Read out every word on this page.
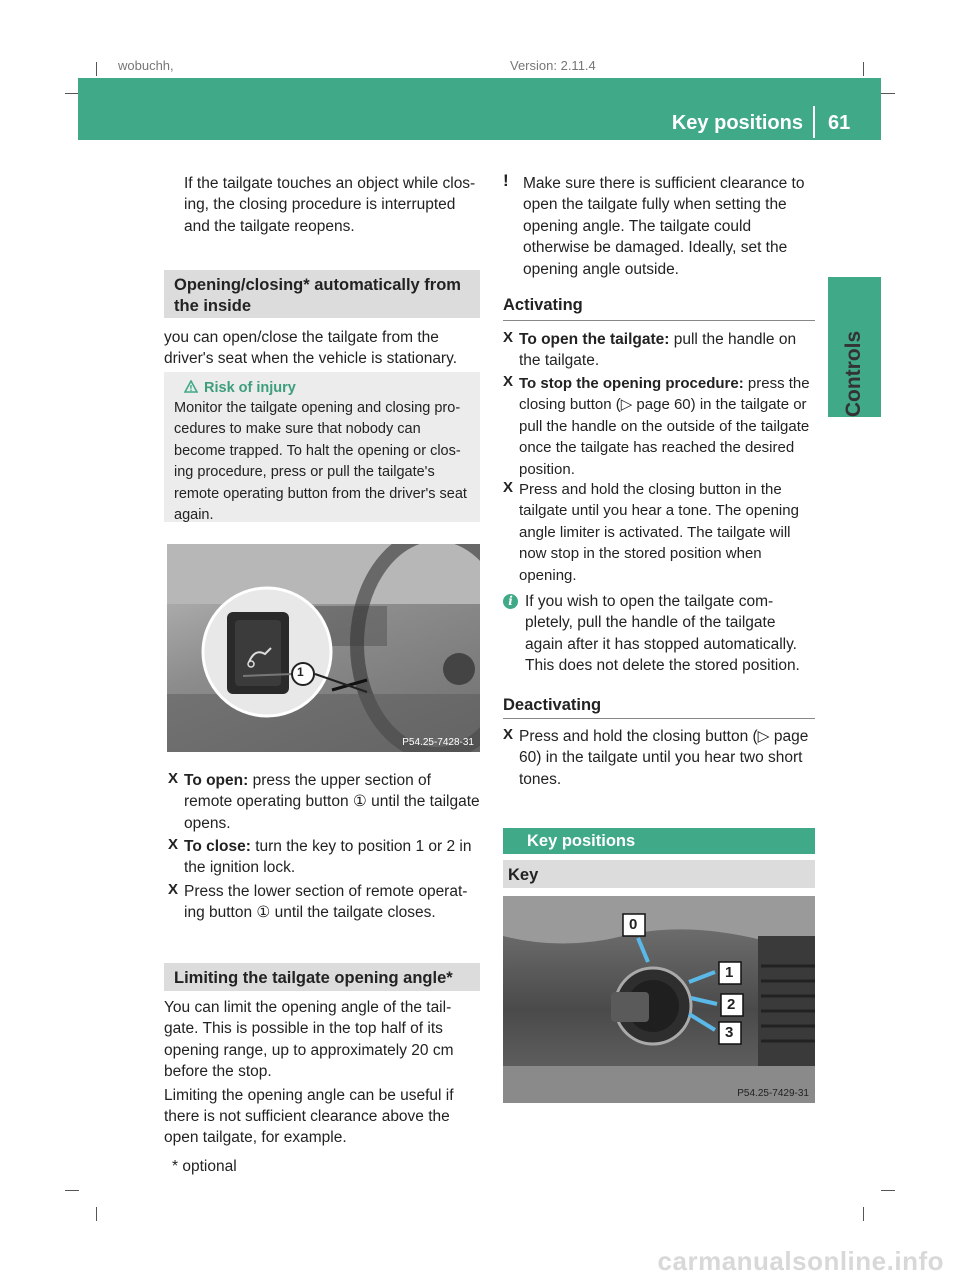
wobuchh,	Version: 2.11.4
Key positions 61
Controls

If the tailgate touches an object while clos-ing, the closing procedure is interrupted and the tailgate reopens.

Opening/closing* automatically from the inside

you can open/close the tailgate from the driver's seat when the vehicle is stationary.

! Risk of injury

Monitor the tailgate opening and closing pro-cedures to make sure that nobody can become trapped. To halt the opening or clos-ing procedure, press or pull the tailgate's remote operating button from the driver's seat again.

1
P54.25-7428-31
X To open: press the upper section of remote operating button ① until the tailgate opens.

X To close: turn the key to position 1 or 2 in the ignition lock.

X Press the lower section of remote operat-ing button ① until the tailgate closes.

Limiting the tailgate opening angle*

You can limit the opening angle of the tail-gate. This is possible in the top half of its opening range, up to approximately 20 cm before the stop.

Limiting the opening angle can be useful if there is not sufficient clearance above the open tailgate, for example.

! Make sure there is sufficient clearance to open the tailgate fully when setting the opening angle. The tailgate could otherwise be damaged. Ideally, set the opening angle outside.

Activating
X To open the tailgate: pull the handle on the tailgate.

X To stop the opening procedure: press the closing button (▷ page 60) in the tailgate or pull the handle on the outside of the tailgate once the tailgate has reached the desired position.

X Press and hold the closing button in the tailgate until you hear a tone. The opening angle limiter is activated. The tailgate will now stop in the stored position when opening.

i If you wish to open the tailgate com-pletely, pull the handle of the tailgate again after it has stopped automatically. This does not delete the stored position.

Deactivating
X Press and hold the closing button (▷ page 60) in the tailgate until you hear two short tones.

Key positions
Key
0
1
2
3
P54.25-7429-31
* optional
carmanualsonline.info
